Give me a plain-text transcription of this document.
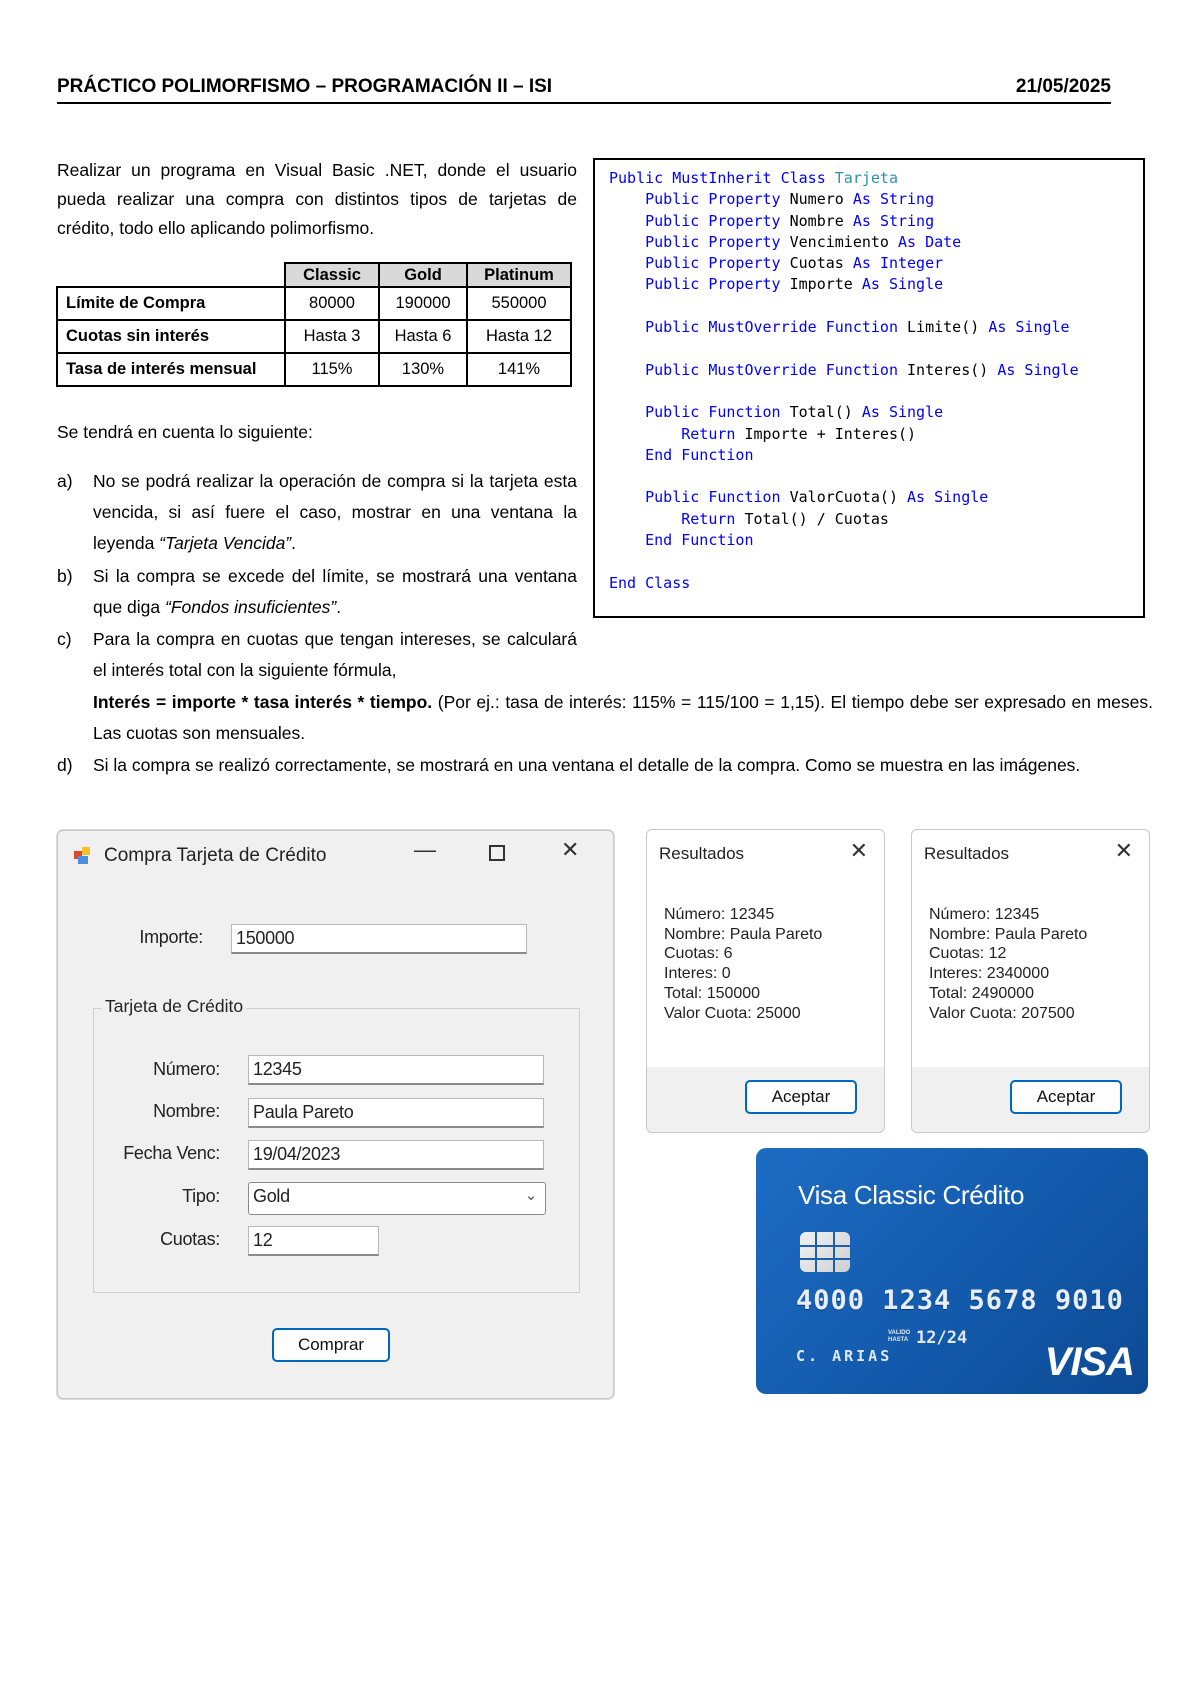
PRÁCTICO POLIMORFISMO – PROGRAMACIÓN II – ISI	21/05/2025
Realizar un programa en Visual Basic .NET, donde el usuario pueda realizar una compra con distintos tipos de tarjetas de crédito, todo ello aplicando polimorfismo.
	Classic	Gold	Platinum
Límite de Compra	80000	190000	550000
Cuotas sin interés	Hasta 3	Hasta 6	Hasta 12
Tasa de interés mensual	115%	130%	141%
Public MustInherit Class Tarjeta
Public Property Numero As String
Public Property Nombre As String
Public Property Vencimiento As Date
Public Property Cuotas As Integer
Public Property Importe As Single

Public MustOverride Function Limite() As Single

Public MustOverride Function Interes() As Single

Public Function Total() As Single
Return Importe + Interes()
End Function

Public Function ValorCuota() As Single
Return Total() / Cuotas
End Function

End Class
Se tendrá en cuenta lo siguiente:
a) No se podrá realizar la operación de compra si la tarjeta esta vencida, si así fuere el caso, mostrar en una ventana la leyenda “Tarjeta Vencida”.
b) Si la compra se excede del límite, se mostrará una ventana que diga “Fondos insuficientes”.
c) Para la compra en cuotas que tengan intereses, se calculará el interés total con la siguiente fórmula,
Interés = importe * tasa interés * tiempo. (Por ej.: tasa de interés: 115% = 115/100 = 1,15). El tiempo debe ser expresado en meses. Las cuotas son mensuales.
d) Si la compra se realizó correctamente, se mostrará en una ventana el detalle de la compra. Como se muestra en las imágenes.
Compra Tarjeta de Crédito	—	✕
Importe: 150000
Tarjeta de Crédito
Número: 12345
Nombre: Paula Pareto
Fecha Venc: 19/04/2023
Tipo: Gold	⌄
Cuotas: 12
Comprar
Resultados	✕
Número: 12345
Nombre: Paula Pareto
Cuotas: 6
Interes: 0
Total: 150000
Valor Cuota: 25000
Aceptar
Resultados	✕
Número: 12345
Nombre: Paula Pareto
Cuotas: 12
Interes: 2340000
Total: 2490000
Valor Cuota: 207500
Aceptar
Visa Classic Crédito
4000 1234 5678 9010
VALIDO
HASTA 12/24
C. ARIAS	VISA
